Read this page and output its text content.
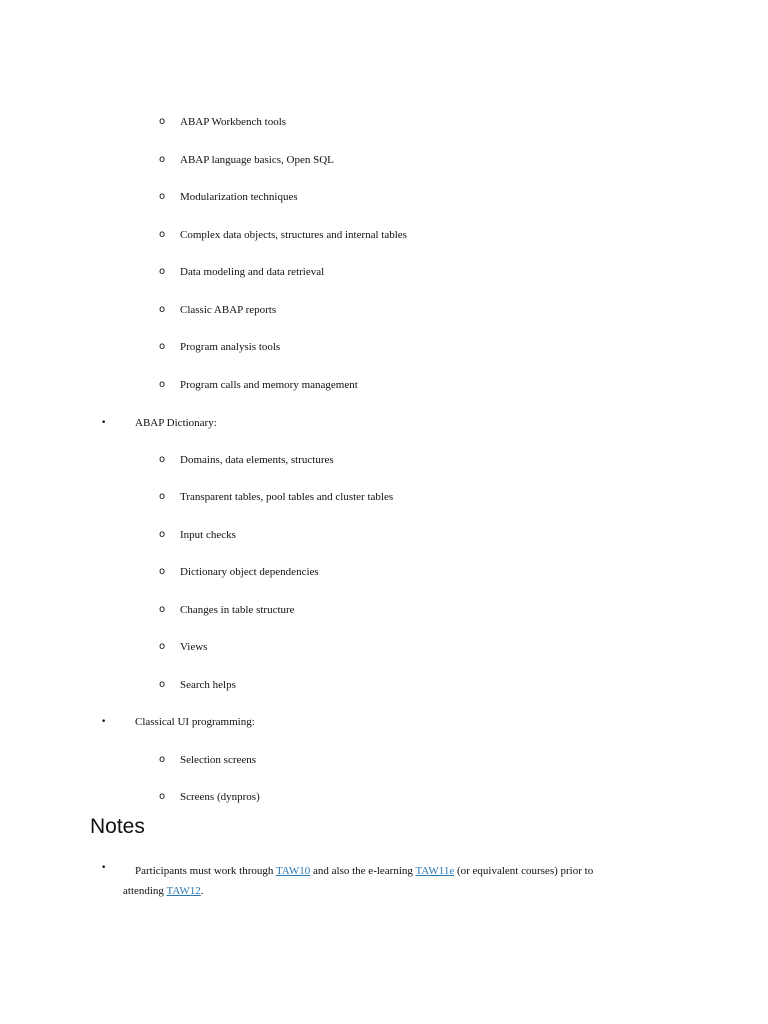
o ABAP Workbench tools
o ABAP language basics, Open SQL
o Modularization techniques
o Complex data objects, structures and internal tables
o Data modeling and data retrieval
o Classic ABAP reports
o Program analysis tools
o Program calls and memory management
•	ABAP Dictionary:
o Domains, data elements, structures
o Transparent tables, pool tables and cluster tables
o Input checks
o Dictionary object dependencies
o Changes in table structure
o Views
o Search helps
•	Classical UI programming:
o Selection screens
o Screens (dynpros)
Notes
•	Participants must work through TAW10 and also the e-learning TAW11e (or equivalent courses) prior to
attending TAW12.
